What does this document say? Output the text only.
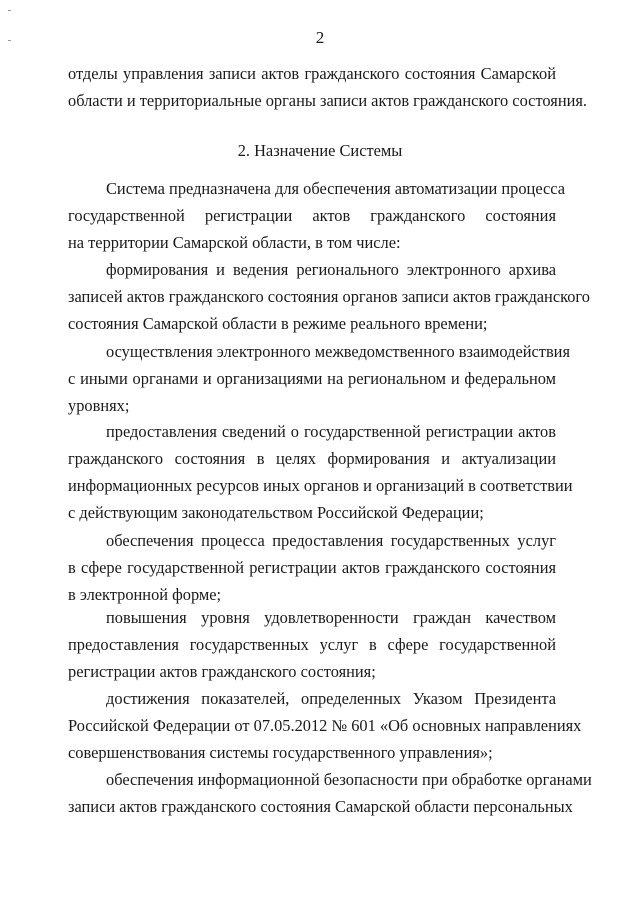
2
отделы управления записи актов гражданского состояния Самарской
области и территориальные органы записи актов гражданского состояния.
2. Назначение Системы
Система предназначена для обеспечения автоматизации процесса
государственной регистрации актов гражданского состояния
на территории Самарской области, в том числе:
формирования и ведения регионального электронного архива
записей актов гражданского состояния органов записи актов гражданского
состояния Самарской области в режиме реального времени;
осуществления электронного межведомственного взаимодействия
с иными органами и организациями на региональном и федеральном
уровнях;
предоставления сведений о государственной регистрации актов
гражданского состояния в целях формирования и актуализации
информационных ресурсов иных органов и организаций в соответствии
с действующим законодательством Российской Федерации;
обеспечения процесса предоставления государственных услуг
в сфере государственной регистрации актов гражданского состояния
в электронной форме;
повышения уровня удовлетворенности граждан качеством
предоставления государственных услуг в сфере государственной
регистрации актов гражданского состояния;
достижения показателей, определенных Указом Президента
Российской Федерации от 07.05.2012 № 601 «Об основных направлениях
совершенствования системы государственного управления»;
обеспечения информационной безопасности при обработке органами
записи актов гражданского состояния Самарской области персональных
